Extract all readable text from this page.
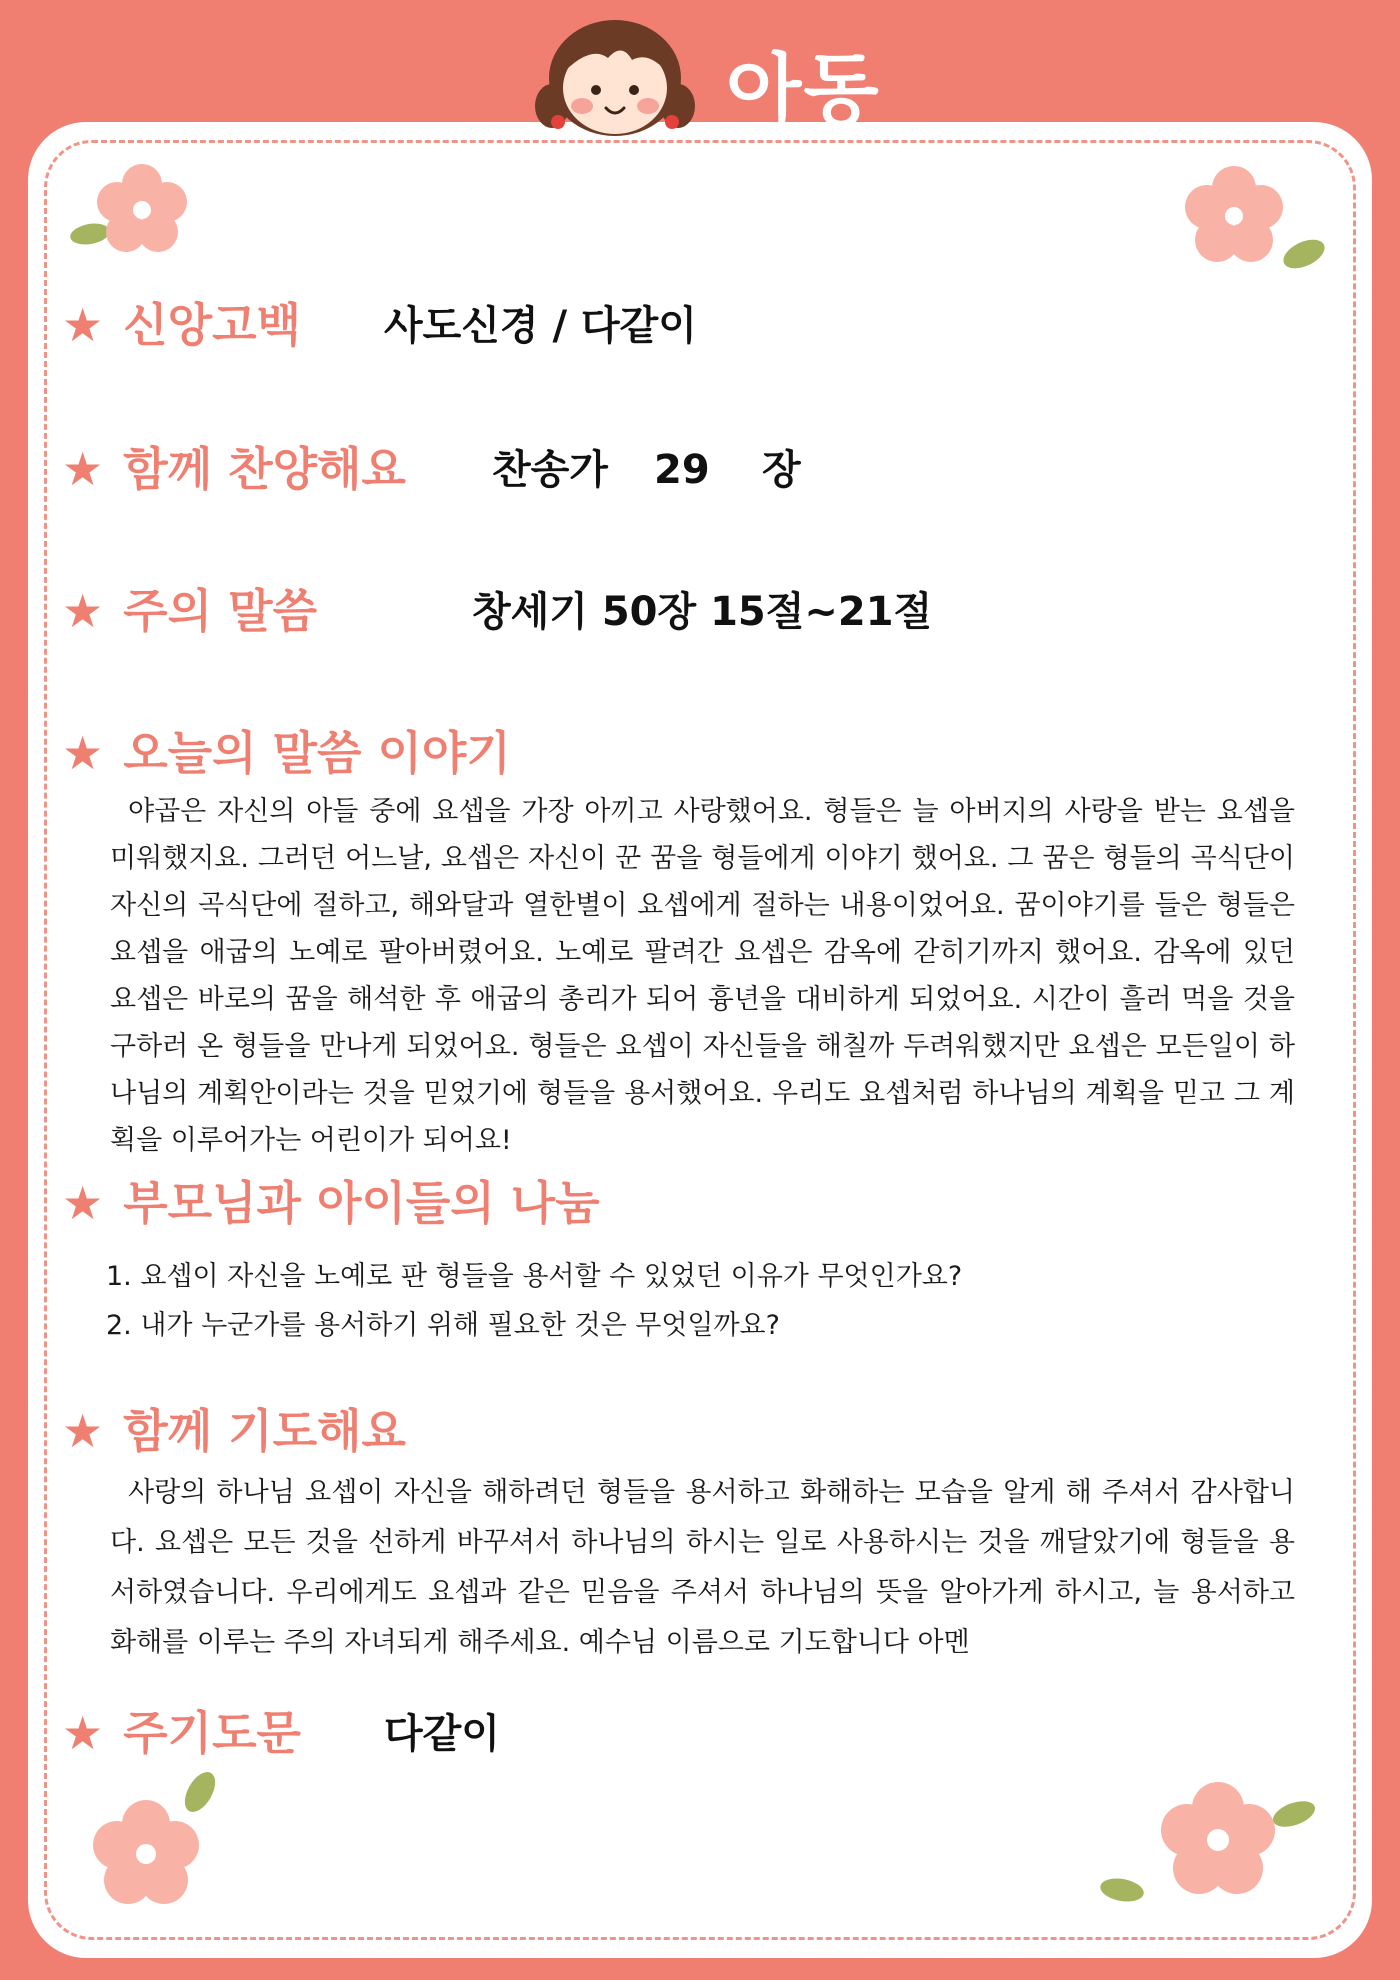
아동
★ 신앙고백 사도신경 / 다같이
★ 함께 찬양해요 찬송가 29 장
★ 주의 말씀	창세기 50장 15절~21절
★ 오늘의 말씀 이야기

야곱은 자신의 아들 중에 요셉을 가장 아끼고 사랑했어요. 형들은 늘 아버지의 사랑을 받는 요셉을 미워했지요. 그러던 어느날, 요셉은 자신이 꾼 꿈을 형들에게 이야기 했어요. 그 꿈은 형들의 곡식단이 자신의 곡식단에 절하고, 해와달과 열한별이 요셉에게 절하는 내용이었어요. 꿈이야기를 들은 형들은 요셉을 애굽의 노예로 팔아버렸어요. 노예로 팔려간 요셉은 감옥에 갇히기까지 했어요. 감옥에 있던 요셉은 바로의 꿈을 해석한 후 애굽의 총리가 되어 흉년을 대비하게 되었어요. 시간이 흘러 먹을 것을 구하러 온 형들을 만나게 되었어요. 형들은 요셉이 자신들을 해칠까 두려워했지만 요셉은 모든일이 하나님의 계획안이라는 것을 믿었기에 형들을 용서했어요. 우리도 요셉처럼 하나님의 계획을 믿고 그 계획을 이루어가는 어린이가 되어요!

★ 부모님과 아이들의 나눔
1. 요셉이 자신을 노예로 판 형들을 용서할 수 있었던 이유가 무엇인가요?
2. 내가 누군가를 용서하기 위해 필요한 것은 무엇일까요?
★ 함께 기도해요

사랑의 하나님 요셉이 자신을 해하려던 형들을 용서하고 화해하는 모습을 알게 해 주셔서 감사합니다. 요셉은 모든 것을 선하게 바꾸셔서 하나님의 하시는 일로 사용하시는 것을 깨달았기에 형들을 용서하였습니다. 우리에게도 요셉과 같은 믿음을 주셔서 하나님의 뜻을 알아가게 하시고, 늘 용서하고 화해를 이루는 주의 자녀되게 해주세요. 예수님 이름으로 기도합니다 아멘

★ 주기도문 다같이
